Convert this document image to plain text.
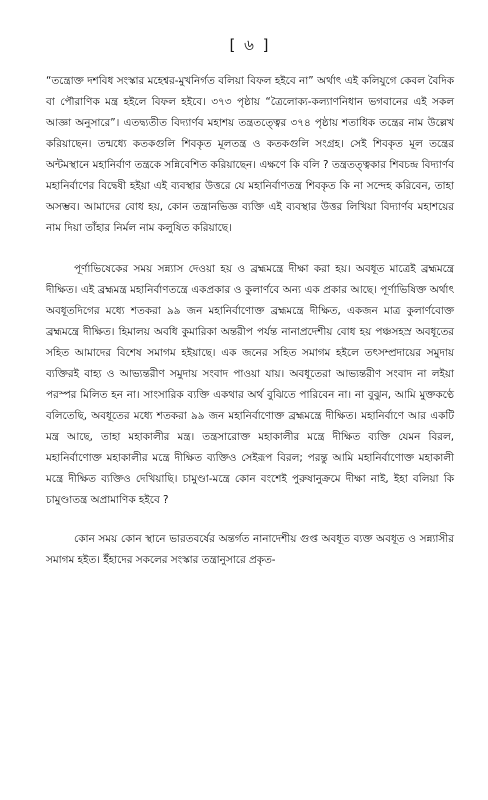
[ ৬ ]

“তন্ত্রোক্ত দশবিধ সংস্কার মহেশ্বর-মুখনির্গত বলিয়া বিফল হইবে না” অর্থাৎ এই কলিযুগে কেবল বৈদিক বা পৌরাণিক মন্ত্র হইলে বিফল হইবে। ৩৭৩ পৃষ্ঠায় “ত্রৈলোক্য-কল্যাণনিধান ভগবানের এই সকল আজ্ঞা অনুসারে”। এতদ্ব্যতীত বিদ্যার্ণব মহাশয় তন্ত্রতত্ত্বের ৩৭৪ পৃষ্ঠায় শতাধিক তন্ত্রের নাম উল্লেখ করিয়াছেন। তন্মধ্যে কতকগুলি শিবকৃত মূলতন্ত্র ও কতকগুলি সংগ্রহ। সেই শিবকৃত মূল তন্ত্রের অন্টমস্থানে মহানির্বাণ তন্ত্রকে সন্নিবেশিত করিয়াছেন। এক্ষণে কি বলি ? তন্ত্রতত্ত্বকার শিবচন্দ্র বিদ্যার্ণব মহানির্বাণের বিদ্বেষী হইয়া এই ব্যবস্থার উত্তরে যে মহানির্বাণতন্ত্র শিবকৃত কি না সন্দেহ করিবেন, তাহা অসম্ভব। আমাদের বোধ হয়, কোন তন্ত্রানভিজ্ঞ ব্যক্তি এই ব্যবস্থার উত্তর লিখিয়া বিদ্যার্ণব মহাশয়ের নাম দিয়া তাঁহার নির্মল নাম কলুষিত করিয়াছে।

পূর্ণাভিষেকের সময় সন্ন্যাস দেওয়া হয় ও ব্রহ্মমন্ত্রে দীক্ষা করা হয়। অবধূত মাত্রেই ব্রহ্মমন্ত্রে দীক্ষিত। এই ব্রহ্মমন্ত্র মহানির্বাণতন্ত্রে একপ্রকার ও কুলার্ণবে অন্য এক প্রকার আছে। পূর্ণাভিষিক্ত অর্থাৎ অবধূতদিগের মধ্যে শতকরা ৯৯ জন মহানির্বাণোক্ত ব্রহ্মমন্ত্রে দীক্ষিত, একজন মাত্র কুলার্ণবোক্ত ব্রহ্মমন্ত্রে দীক্ষিত। হিমালয় অবধি কুমারিকা অন্তরীপ পর্যন্ত নানাপ্রদেশীয় বোধ হয় পঞ্চসহস্র অবধূতের সহিত আমাদের বিশেষ সমাগম হইয়াছে। এক জনের সহিত সমাগম হইলে তৎসম্প্রদায়ের সমুদায় ব্যক্তিরই বাহ্য ও আভ্যন্তরীণ সমুদায় সংবাদ পাওয়া যায়। অবধূতেরা আভ্যন্তরীণ সংবাদ না লইয়া পরস্পর মিলিত হন না। সাংসারিক ব্যক্তি একথার অর্থ বুঝিতে পারিবেন না। না বুঝুন, আমি মুক্তকণ্ঠে বলিতেছি, অবধূতের মধ্যে শতকরা ৯৯ জন মহানির্বাণোক্ত ব্রহ্মমন্ত্রে দীক্ষিত। মহানির্বাণে আর একটি মন্ত্র আছে, তাহা মহাকালীর মন্ত্র। তন্ত্রসারোক্ত মহাকালীর মন্ত্রে দীক্ষিত ব্যক্তি যেমন বিরল, মহানির্বাণোক্ত মহাকালীর মন্ত্রে দীক্ষিত ব্যক্তিও সেইরূপ বিরল; পরন্তু আমি মহানির্বাণোক্ত মহাকালী মন্ত্রে দীক্ষিত ব্যক্তিও দেখিয়াছি। চামুণ্ডা-মন্ত্রে কোন বংশেই পুরুষানুক্রমে দীক্ষা নাই, ইহা বলিয়া কি চামুণ্ডাতন্ত্র অপ্রামাণিক হইবে ?

কোন সময় কোন স্থানে ভারতবর্ষের অন্তর্গত নানাদেশীয় গুপ্ত অবধূত ব্যক্ত অবধূত ও সন্ন্যাসীর সমাগম হইত। ইঁহাদের সকলের সংস্কার তন্ত্রানুসারে প্রকৃত-
